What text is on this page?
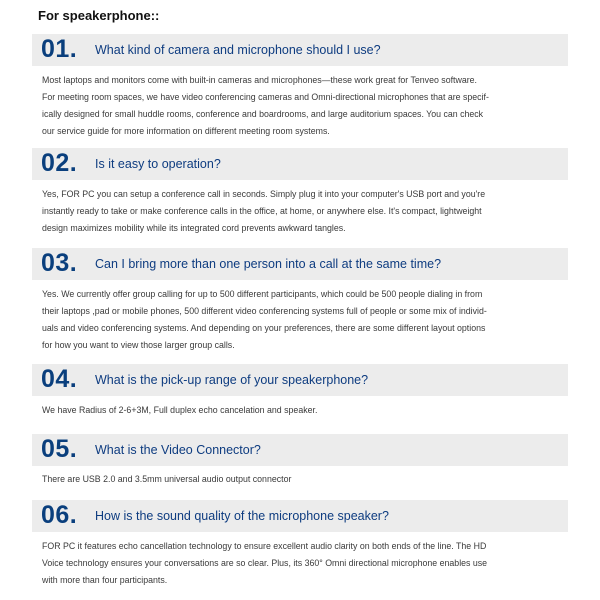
For speakerphone::
01. What kind of camera and microphone should I use?
Most laptops and monitors come with built-in cameras and microphones—these work great for Tenveo software.
For meeting room spaces, we have video conferencing cameras and Omni-directional microphones that are specif-
ically designed for small huddle rooms, conference and boardrooms, and large auditorium spaces. You can check
our service guide for more information on different meeting room systems.
02. Is it easy to operation?
Yes, FOR PC you can setup a conference call in seconds. Simply plug it into your computer's USB port and you're
instantly ready to take or make conference calls in the office, at home, or anywhere else. It's compact, lightweight
design maximizes mobility while its integrated cord prevents awkward tangles.
03. Can I bring more than one person into a call at the same time?
Yes. We currently offer group calling for up to 500 different participants, which could be 500 people dialing in from
their laptops ,pad or mobile phones, 500 different video conferencing systems full of people or some mix of individ-
uals and video conferencing systems. And depending on your preferences, there are some different layout options
for how you want to view those larger group calls.
04. What is the pick-up range of your speakerphone?
We have Radius of 2-6+3M, Full duplex echo cancelation and speaker.
05. What is the Video Connector?
There are USB 2.0 and 3.5mm universal audio output connector
06. How is the sound quality of the microphone speaker?
FOR PC it features echo cancellation technology to ensure excellent audio clarity on both ends of the line. The HD
Voice technology ensures your conversations are so clear. Plus, its 360° Omni directional microphone enables use
with more than four participants.
